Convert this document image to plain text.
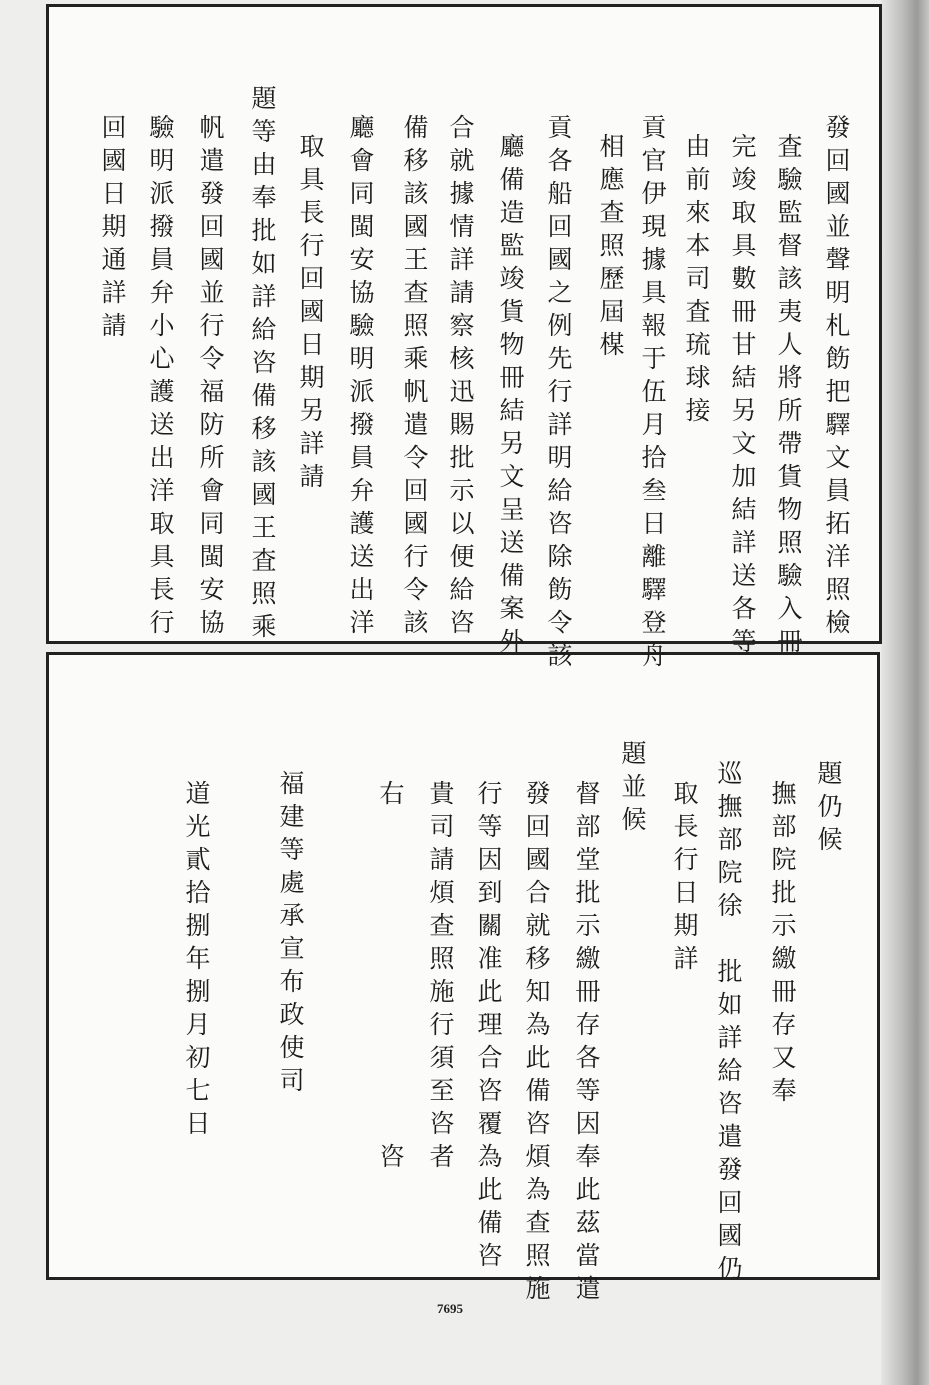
發回國並聲明札飭把驛文員拓洋照檢
査驗監督該夷人將所帶貨物照驗入冊
完竣取具數冊甘結另文加結詳送各等
由前來本司査琉球接
貢官伊現據具報于伍月拾叁日離驛登舟
相應查照歷屆楳
貢各船回國之例先行詳明給咨除飭令該
廳備造監竣貨物冊結另文呈送備案外
合就據情詳請察核迅賜批示以便給咨
備移該國王查照乘帆遣令回國行令該
廳會同閩安協驗明派撥員弁護送出洋
取具長行回國日期另詳請
題等由奉批如詳給咨備移該國王査照乘
帆遣發回國並行令福防所會同閩安協
驗明派撥員弁小心護送出洋取具長行
回國日期通詳請
題仍候
撫部院批示繳冊存又奉
巡撫部院徐　批如詳給咨遣發回國仍
取長行日期詳
題並候
督部堂批示繳冊存各等因奉此茲當遣
發回國合就移知為此備咨煩為查照施
行等因到關准此理合咨覆為此備咨
貴司請煩查照施行須至咨者
右　　　　　　　　　　咨
福建等處承宣布政使司
道光貳拾捌年捌月初七日
7695
